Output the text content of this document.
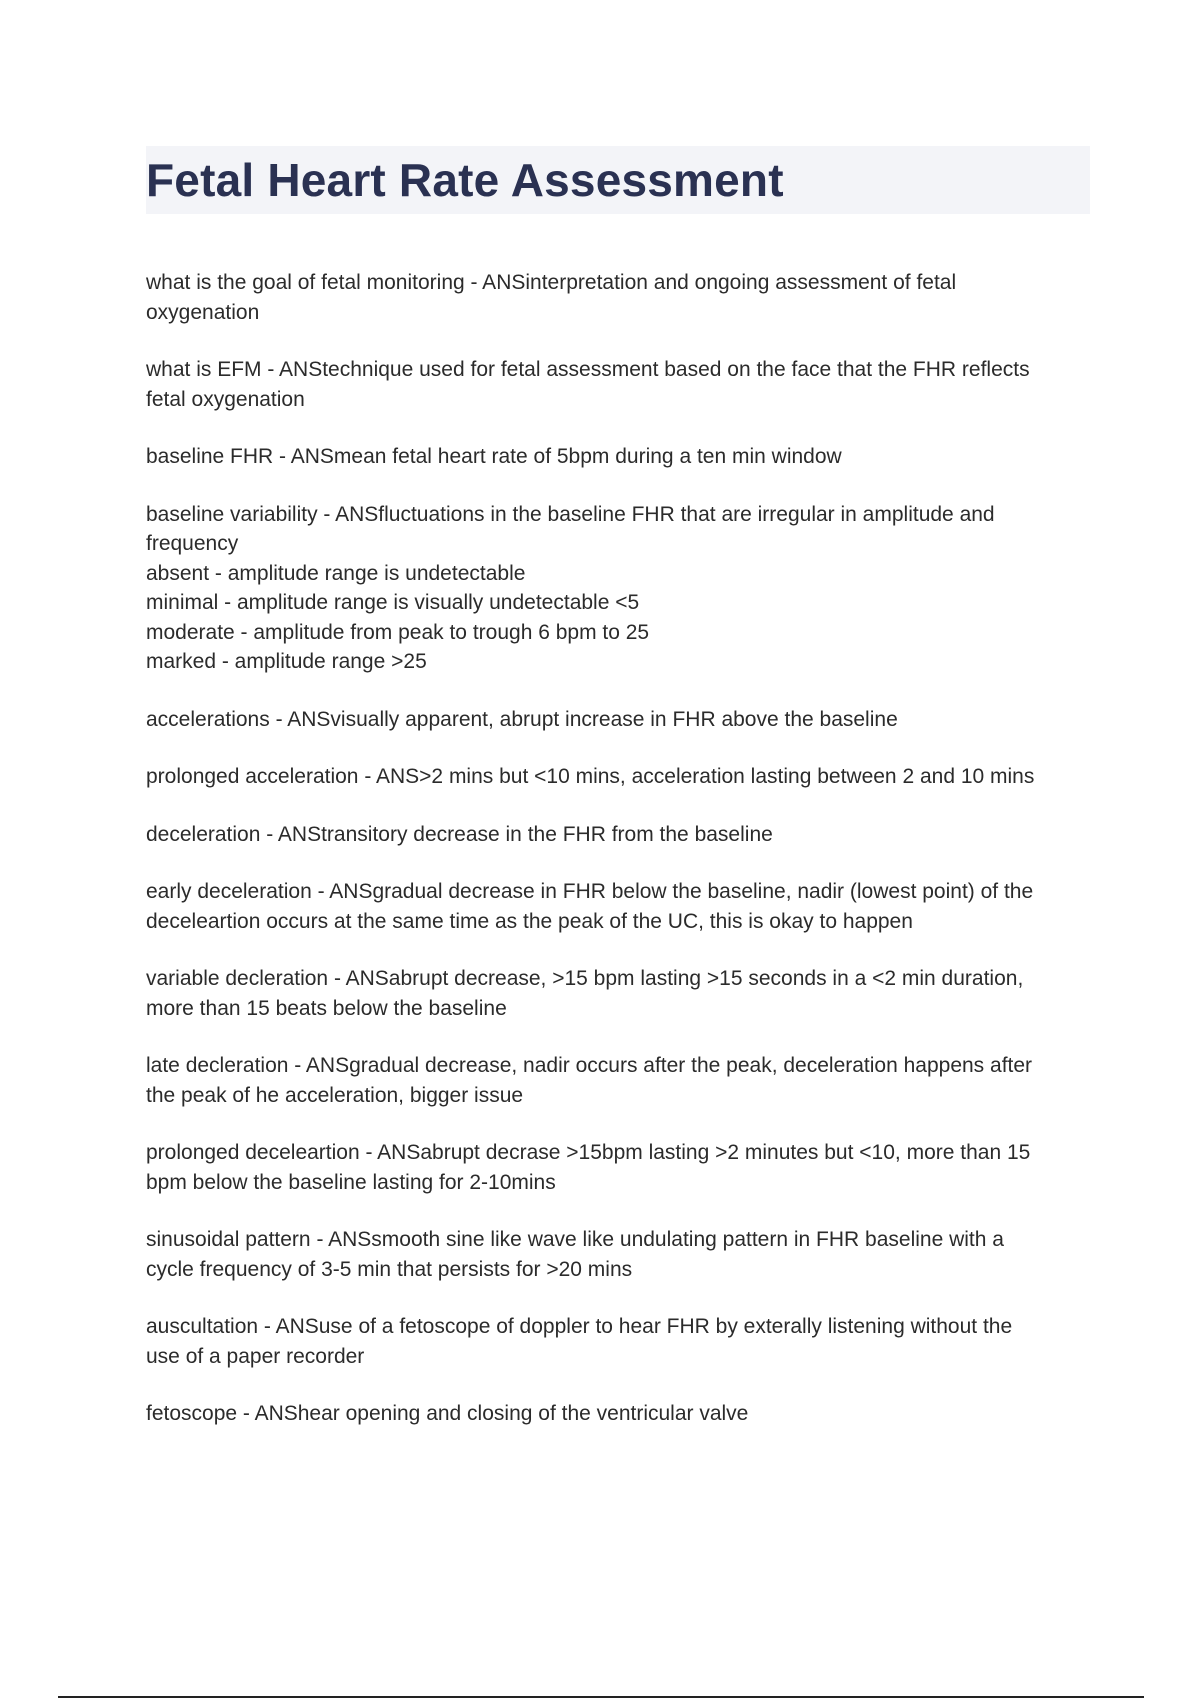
Fetal Heart Rate Assessment

what is the goal of fetal monitoring - ANSinterpretation and ongoing assessment of fetal
oxygenation

what is EFM - ANStechnique used for fetal assessment based on the face that the FHR reflects
fetal oxygenation

baseline FHR - ANSmean fetal heart rate of 5bpm during a ten min window

baseline variability - ANSfluctuations in the baseline FHR that are irregular in amplitude and
frequency
absent - amplitude range is undetectable
minimal - amplitude range is visually undetectable <5
moderate - amplitude from peak to trough 6 bpm to 25
marked - amplitude range >25

accelerations - ANSvisually apparent, abrupt increase in FHR above the baseline

prolonged acceleration - ANS>2 mins but <10 mins, acceleration lasting between 2 and 10 mins

deceleration - ANStransitory decrease in the FHR from the baseline

early deceleration - ANSgradual decrease in FHR below the baseline, nadir (lowest point) of the
deceleartion occurs at the same time as the peak of the UC, this is okay to happen

variable decleration - ANSabrupt decrease, >15 bpm lasting >15 seconds in a <2 min duration,
more than 15 beats below the baseline

late decleration - ANSgradual decrease, nadir occurs after the peak, deceleration happens after
the peak of he acceleration, bigger issue

prolonged deceleartion - ANSabrupt decrase >15bpm lasting >2 minutes but <10, more than 15
bpm below the baseline lasting for 2-10mins

sinusoidal pattern - ANSsmooth sine like wave like undulating pattern in FHR baseline with a
cycle frequency of 3-5 min that persists for >20 mins

auscultation - ANSuse of a fetoscope of doppler to hear FHR by exterally listening without the
use of a paper recorder

fetoscope - ANShear opening and closing of the ventricular valve
